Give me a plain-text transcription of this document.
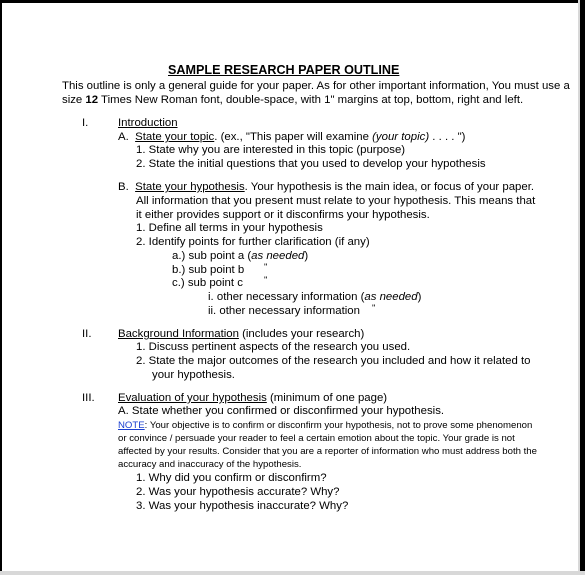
SAMPLE RESEARCH PAPER OUTLINE
This outline is only a general guide for your paper. As for other important information, You must use a
size 12 Times New Roman font, double-space, with 1" margins at top, bottom, right and left.
I.	Introduction
A. State your topic. (ex., "This paper will examine (your topic) . . . . ")
1. State why you are interested in this topic (purpose)
2. State the initial questions that you used to develop your hypothesis
B. State your hypothesis. Your hypothesis is the main idea, or focus of your paper.
All information that you present must relate to your hypothesis. This means that
it either provides support or it disconfirms your hypothesis.
1. Define all terms in your hypothesis
2. Identify points for further clarification (if any)
a.) sub point a (as needed)
b.) sub point b "
c.) sub point c "
i. other necessary information (as needed)
ii. other necessary information "
II. Background Information (includes your research)
1. Discuss pertinent aspects of the research you used.
2. State the major outcomes of the research you included and how it related to
your hypothesis.
III. Evaluation of your hypothesis (minimum of one page)
A. State whether you confirmed or disconfirmed your hypothesis.
NOTE: Your objective is to confirm or disconfirm your hypothesis, not to prove some phenomenon
or convince / persuade your reader to feel a certain emotion about the topic. Your grade is not
affected by your results. Consider that you are a reporter of information who must address both the
accuracy and inaccuracy of the hypothesis.
1. Why did you confirm or disconfirm?
2. Was your hypothesis accurate? Why?
3. Was your hypothesis inaccurate? Why?
